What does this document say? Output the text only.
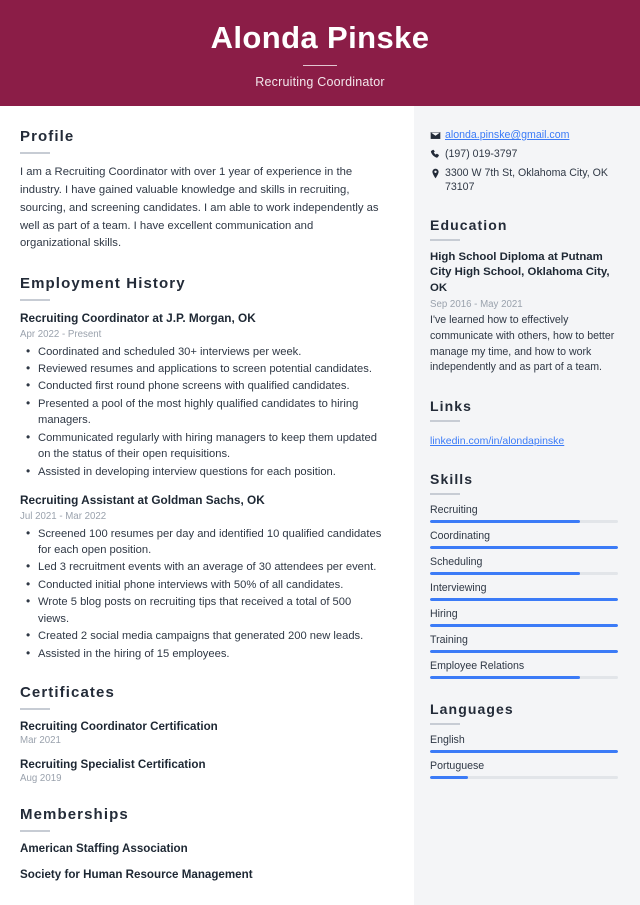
Alonda Pinske
Recruiting Coordinator
Profile
I am a Recruiting Coordinator with over 1 year of experience in the industry. I have gained valuable knowledge and skills in recruiting, sourcing, and screening candidates. I am able to work independently as well as part of a team. I have excellent communication and organizational skills.
Employment History
Recruiting Coordinator at J.P. Morgan, OK
Apr 2022 - Present
• Coordinated and scheduled 30+ interviews per week.
• Reviewed resumes and applications to screen potential candidates.
• Conducted first round phone screens with qualified candidates.
• Presented a pool of the most highly qualified candidates to hiring managers.
• Communicated regularly with hiring managers to keep them updated on the status of their open requisitions.
• Assisted in developing interview questions for each position.
Recruiting Assistant at Goldman Sachs, OK
Jul 2021 - Mar 2022
• Screened 100 resumes per day and identified 10 qualified candidates for each open position.
• Led 3 recruitment events with an average of 30 attendees per event.
• Conducted initial phone interviews with 50% of all candidates.
• Wrote 5 blog posts on recruiting tips that received a total of 500 views.
• Created 2 social media campaigns that generated 200 new leads.
• Assisted in the hiring of 15 employees.
Certificates
Recruiting Coordinator Certification
Mar 2021
Recruiting Specialist Certification
Aug 2019
Memberships
American Staffing Association
Society for Human Resource Management
alonda.pinske@gmail.com
(197) 019-3797
3300 W 7th St, Oklahoma City, OK 73107
Education
High School Diploma at Putnam City High School, Oklahoma City, OK
Sep 2016 - May 2021
I've learned how to effectively communicate with others, how to better manage my time, and how to work independently and as part of a team.
Links
linkedin.com/in/alondapinske
Skills
Recruiting
Coordinating
Scheduling
Interviewing
Hiring
Training
Employee Relations
Languages
English
Portuguese
